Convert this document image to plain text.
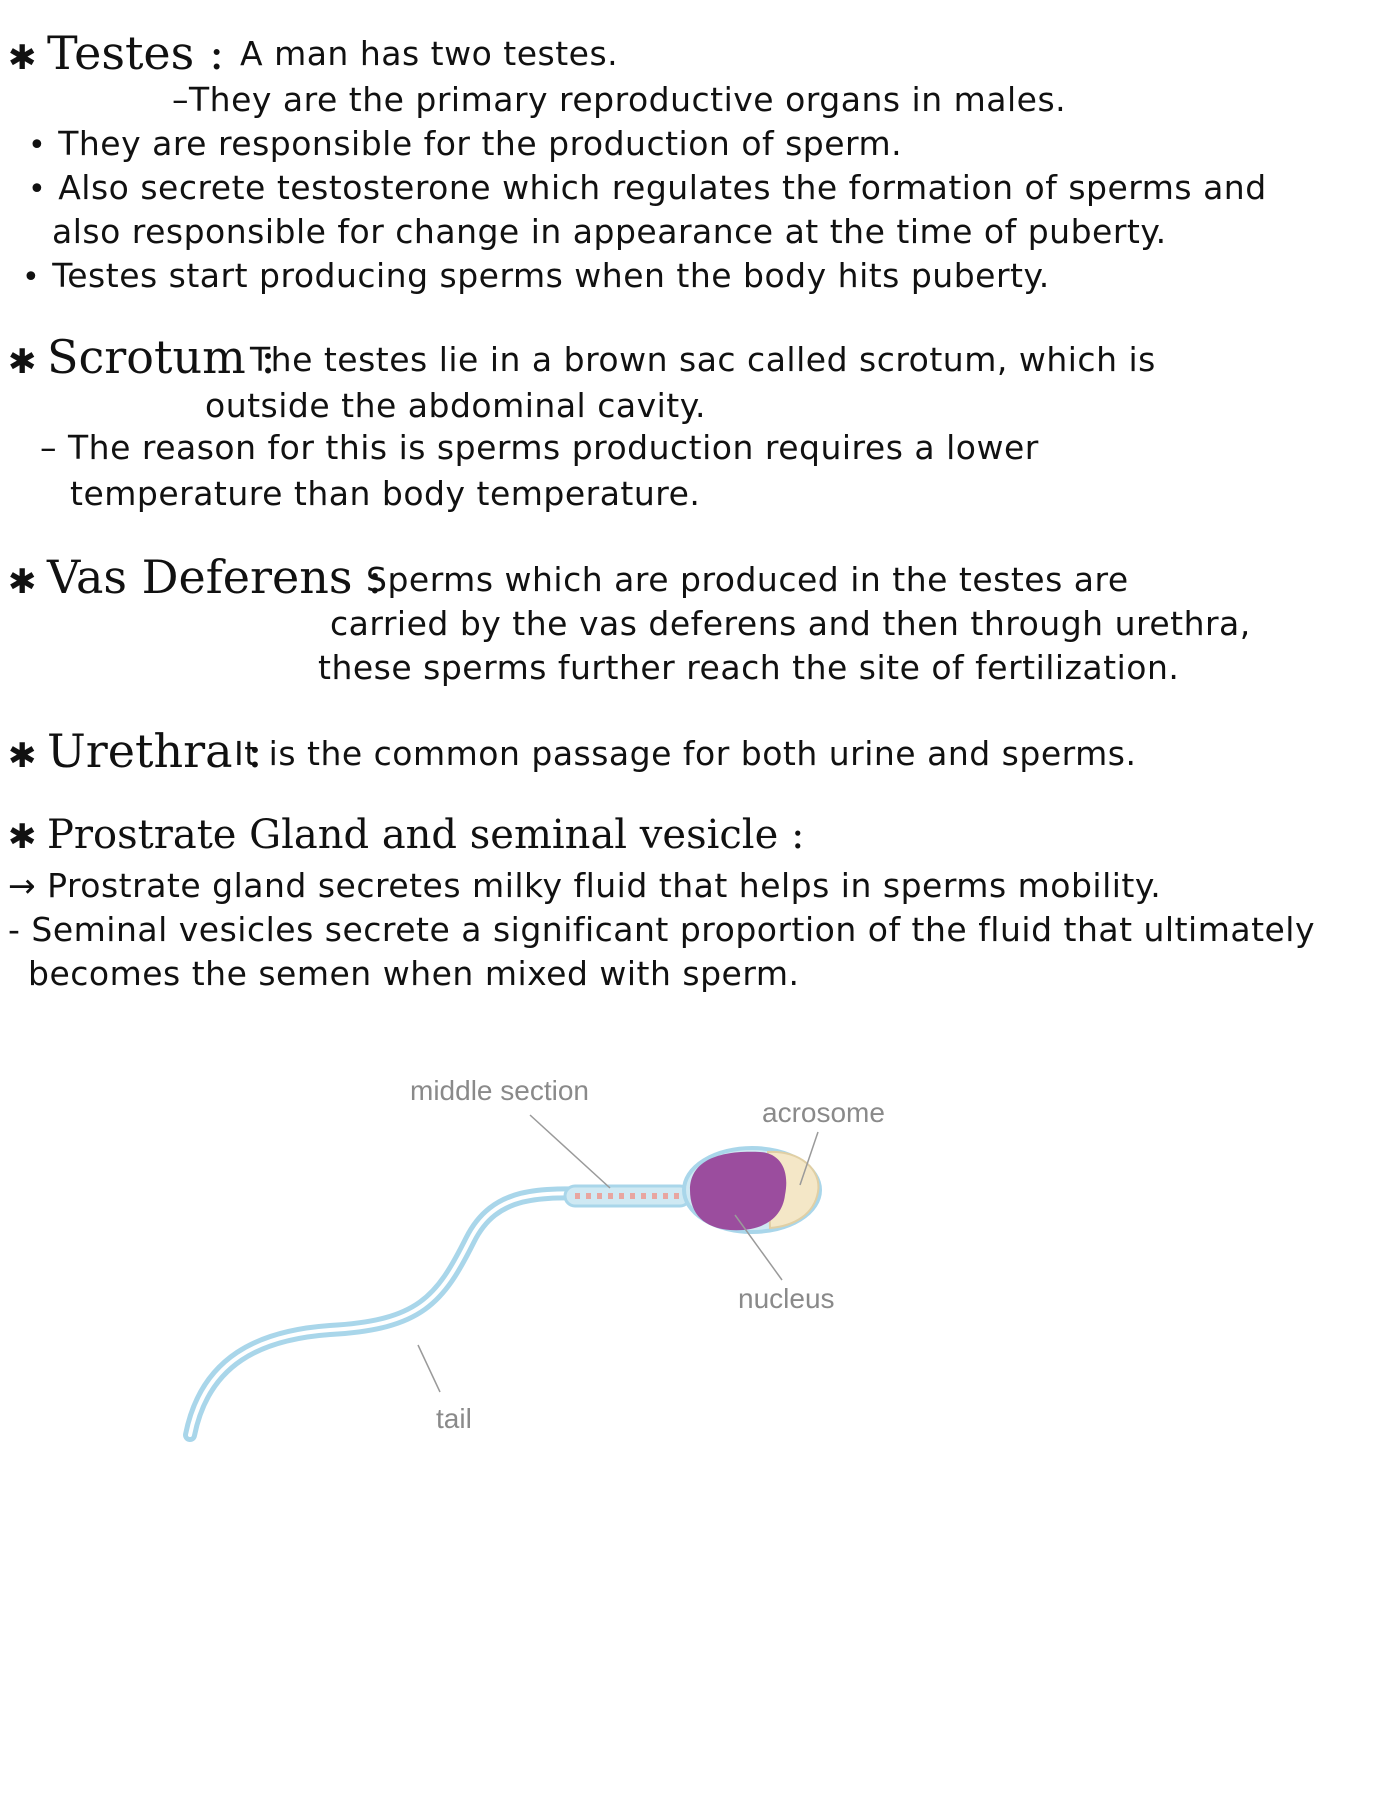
✱ Testes : A man has two testes.
–They are the primary reproductive organs in males.
• They are responsible for the production of sperm.
• Also secrete testosterone which regulates the formation of sperms and
also responsible for change in appearance at the time of puberty.
• Testes start producing sperms when the body hits puberty.
✱ Scrotum :
The testes lie in a brown sac called scrotum, which is
outside the abdominal cavity.
– The reason for this is sperms production requires a lower
temperature than body temperature.
✱ Vas Deferens :
Sperms which are produced in the testes are
carried by the vas deferens and then through urethra,
these sperms further reach the site of fertilization.
✱ Urethra :
It is the common passage for both urine and sperms.
✱ Prostrate Gland and seminal vesicle :
→ Prostrate gland secretes milky fluid that helps in sperms mobility.
- Seminal vesicles secrete a significant proportion of the fluid that ultimately
becomes the semen when mixed with sperm.
middle section
acrosome
nucleus
tail
